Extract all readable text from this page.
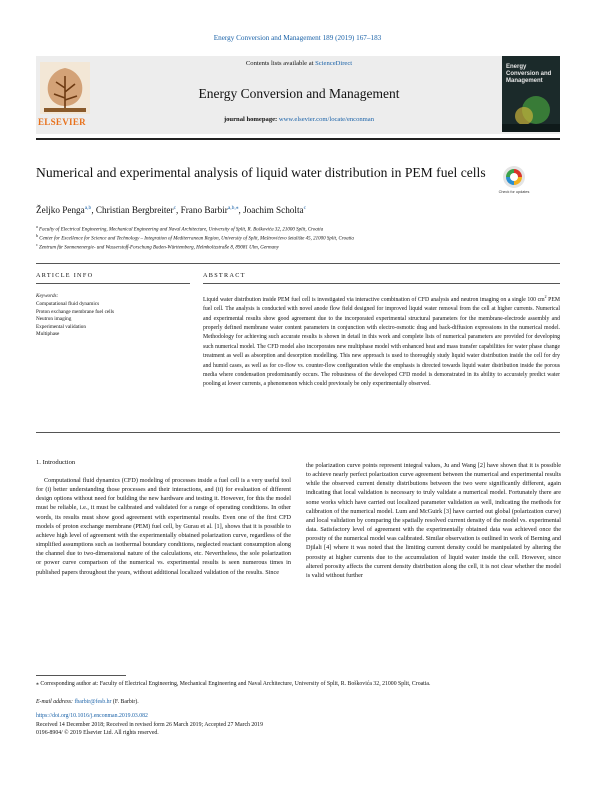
Energy Conversion and Management 189 (2019) 167–183
ELSEVIER
Contents lists available at ScienceDirect
Energy Conversion and Management
journal homepage: www.elsevier.com/locate/enconman
Energy Conversion and Management
Numerical and experimental analysis of liquid water distribution in PEM fuel cells
Check for updates
Željko Penga$^{a,b}$, Christian Bergbreiter$^c$, Frano Barbir$^{a,b,⁎}$, Joachim Scholta$^c$
$^a$ Faculty of Electrical Engineering, Mechanical Engineering and Naval Architecture, University of Split, R. Boškovića 32, 21000 Split, Croatia
$^b$ Center for Excellence for Science and Technology – Integration of Mediterranean Region, University of Split, Meštrovićevo šetalište 45, 21000 Split, Croatia
$^c$ Zentrum für Sonnenenergie- und Wasserstoff-Forschung Baden-Württemberg, Helmholtzstraße 8, 89081 Ulm, Germany
ARTICLE INFO	ABSTRACT
Keywords:
Computational fluid dynamics
Proton exchange membrane fuel cells
Neutron imaging
Experimental validation
Multiphase
Liquid water distribution inside PEM fuel cell is investigated via interactive combination of CFD analysis and neutron imaging on a single 100 $cm^2$ PEM fuel cell. The analysis is conducted with novel anode flow field designed for improved liquid water removal from the cell at higher currents. Numerical and experimental results show good agreement due to the incorporated experimental structural parameters for the membrane-electrode assembly and properly defined membrane water content parameters in conjunction with electro-osmotic drag and back-diffusion expressions in the numerical model. Methodology for achieving such accurate results is shown in detail in this work and complete lists of numerical parameters are provided for developing such numerical model. The CFD model also incorporates new multiphase model with enhanced heat and mass transfer capabilities for water phase change treatment as well as absorption and desorption modelling. This new approach is used to thoroughly study liquid water distribution inside the cell for dry and humid cases, as well as for co-flow vs. counter-flow configuration while the emphasis is directed towards liquid water distribution inside the porous media where condensation predominantly occurs. The robustness of the developed CFD model is demonstrated in its ability to accurately predict water pooling at lower currents, a phenomenon which could previously be only experimentally observed.
1. Introduction
Computational fluid dynamics (CFD) modeling of processes inside a fuel cell is a very useful tool for (i) better understanding those processes and their interactions, and (ii) for evaluation of different design options without need for building the new hardware and testing it. However, for this the model must be reliable, i.e., it must be calibrated and validated for a range of operating conditions. In other words, its results must show good agreement with experimental results. Even one of the first CFD models of proton exchange membrane (PEM) fuel cell, by Gurau et al. [1], shows that it is possible to achieve high level of agreement with the experimentally obtained polarization curve, regardless of the simplified assumptions such as isothermal boundary conditions, neglected reactant consumption along the channel due to two-dimensional nature of the calculations, etc. Nevertheless, the sole polarization or power curve comparison of the numerical vs. experimental results is seen numerous times in published papers throughout the years, without additional localized validation of the results. Since
the polarization curve points represent integral values, Ju and Wang [2] have shown that it is possible to achieve nearly perfect polarization curve agreement between the numerical and experimental results while the observed current density distributions between the two were significantly different, again indicating that local validation is necessary to truly validate a numerical model. Fortunately there are some works which have carried out localized parameter validation as well, indicating the methods for calibration of the numerical model. Lum and McGuirk [3] have carried out global (polarization curve) and local validation by comparing the spatially resolved current density of the model vs. experimental data. Satisfactory level of agreement with the experimentally obtained data was achieved once the porosity of the numerical model was calibrated. Similar observation is outlined in work of Berning and Djilali [4] where it was noted that the limiting current density could be manipulated by altering the porosity at higher currents due to the accumulation of liquid water inside the cell. However, since altered porosity affects the current density distribution along the cell, it is not clear whether the model is valid without further
⁎ Corresponding author at: Faculty of Electrical Engineering, Mechanical Engineering and Naval Architecture, University of Split, R. Boškovića 32, 21000 Split, Croatia.
E-mail address: fbarbir@fesb.hr (F. Barbir).
https://doi.org/10.1016/j.enconman.2019.03.082
Received 14 December 2018; Received in revised form 26 March 2019; Accepted 27 March 2019
0196-8904/ © 2019 Elsevier Ltd. All rights reserved.
